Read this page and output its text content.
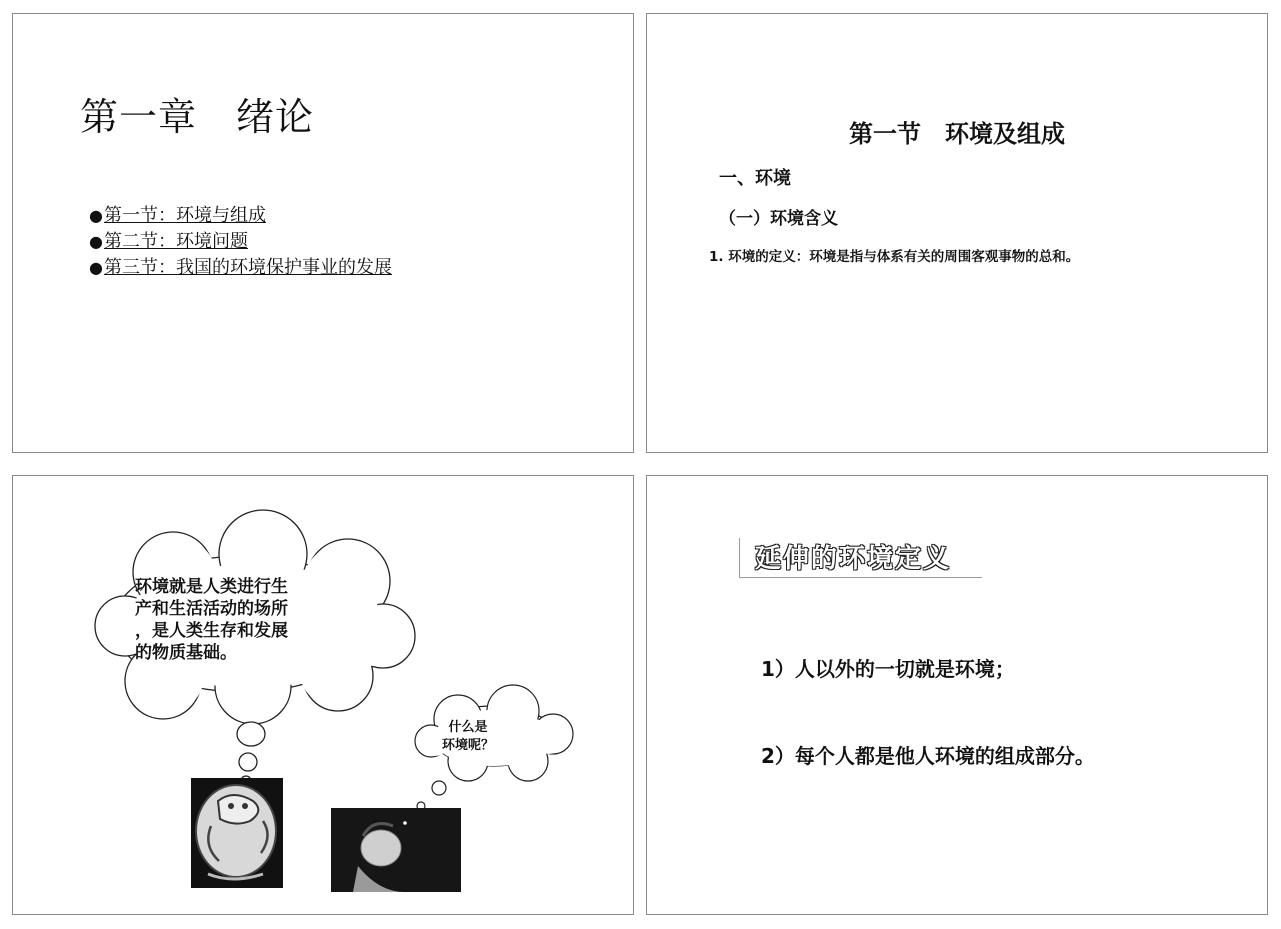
第一章　绪论
●第一节：环境与组成
●第二节：环境问题
●第三节：我国的环境保护事业的发展
第一节　环境及组成
一、环境
（一）环境含义
1. 环境的定义：环境是指与体系有关的周围客观事物的总和。
环境就是人类进行生
产和生活活动的场所
，是人类生存和发展
的物质基础。
什么是
环境呢？
延伸的环境定义
1）人以外的一切就是环境；
2）每个人都是他人环境的组成部分。
